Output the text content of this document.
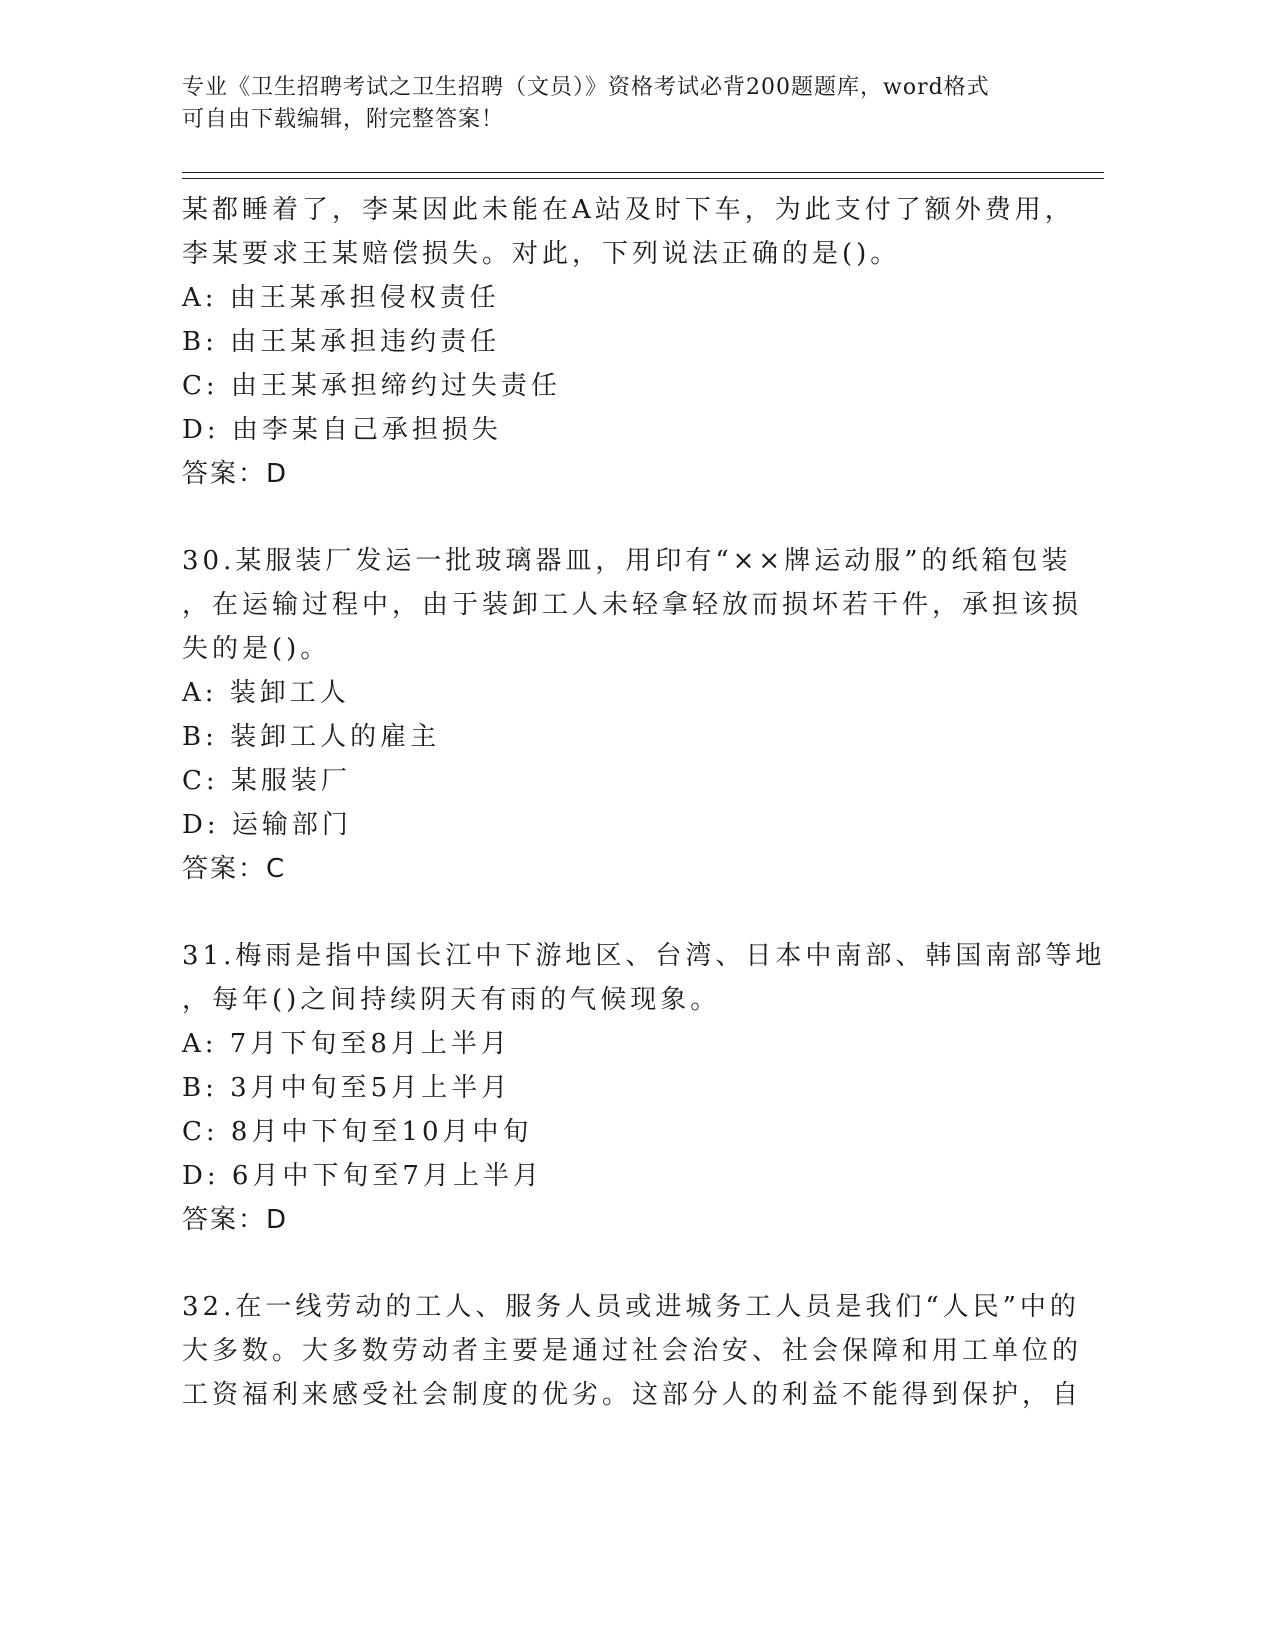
专业《卫生招聘考试之卫生招聘（文员）》资格考试必背200题题库，word格式
可自由下载编辑，附完整答案！
某都睡着了，李某因此未能在A站及时下车，为此支付了额外费用，
李某要求王某赔偿损失。对此，下列说法正确的是()。
A: 由王某承担侵权责任
B: 由王某承担违约责任
C: 由王某承担缔约过失责任
D: 由李某自己承担损失
答案：D
30.某服装厂发运一批玻璃器皿，用印有“××牌运动服”的纸箱包装
，在运输过程中，由于装卸工人未轻拿轻放而损坏若干件，承担该损
失的是()。
A: 装卸工人
B: 装卸工人的雇主
C: 某服装厂
D: 运输部门
答案：C
31.梅雨是指中国长江中下游地区、台湾、日本中南部、韩国南部等地
，每年()之间持续阴天有雨的气候现象。
A: 7月下旬至8月上半月
B: 3月中旬至5月上半月
C: 8月中下旬至10月中旬
D: 6月中下旬至7月上半月
答案：D
32.在一线劳动的工人、服务人员或进城务工人员是我们“人民”中的
大多数。大多数劳动者主要是通过社会治安、社会保障和用工单位的
工资福利来感受社会制度的优劣。这部分人的利益不能得到保护，自
